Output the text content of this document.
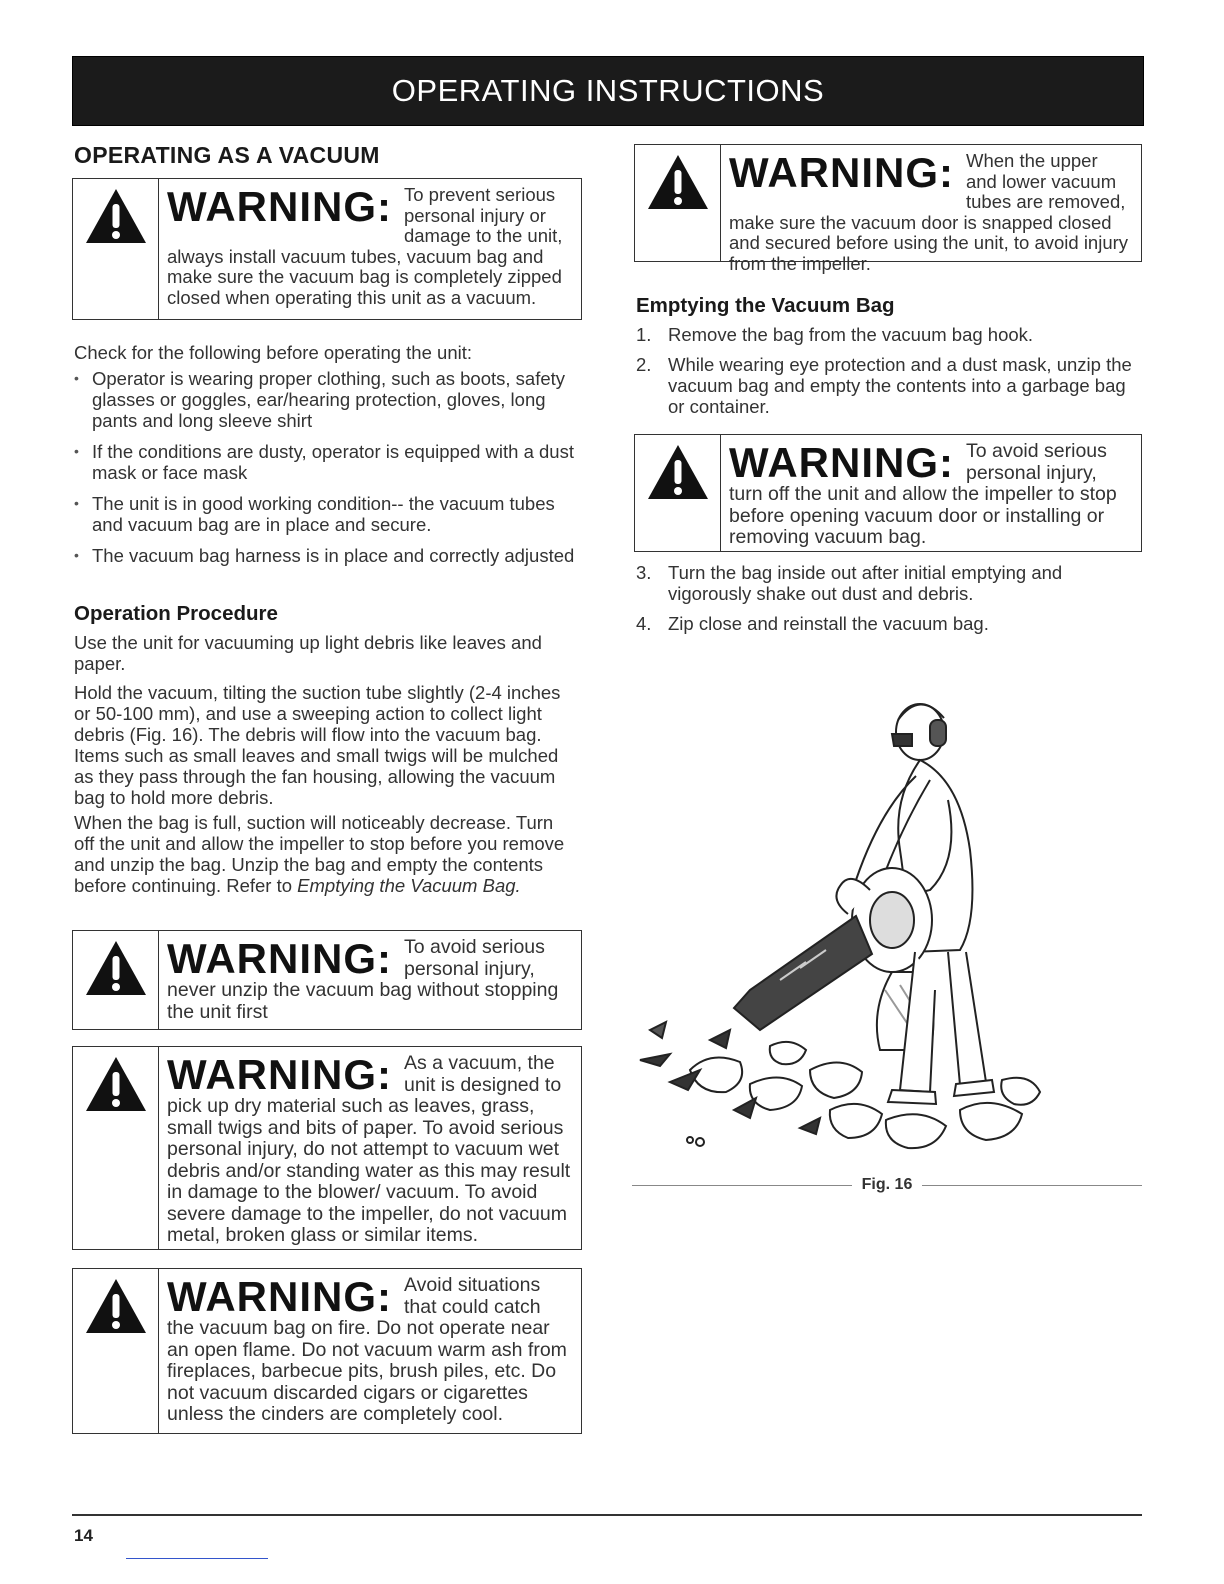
OPERATING INSTRUCTIONS
OPERATING AS A VACUUM
WARNING: To prevent serious personal injury or damage to the unit, always install vacuum tubes, vacuum bag and make sure the vacuum bag is completely zipped closed when operating this unit as a vacuum.

Check for the following before operating the unit:

• Operator is wearing proper clothing, such as boots, safety glasses or goggles, ear/hearing protection, gloves, long pants and long sleeve shirt
• If the conditions are dusty, operator is equipped with a dust mask or face mask
• The unit is in good working condition-- the vacuum tubes and vacuum bag are in place and secure.
• The vacuum bag harness is in place and correctly adjusted
Operation Procedure

Use the unit for vacuuming up light debris like leaves and paper.

Hold the vacuum, tilting the suction tube slightly (2-4 inches or 50-100 mm), and use a sweeping action to collect light debris (Fig. 16). The debris will flow into the vacuum bag. Items such as small leaves and small twigs will be mulched as they pass through the fan housing, allowing the vacuum bag to hold more debris.

When the bag is full, suction will noticeably decrease. Turn off the unit and allow the impeller to stop before you remove and unzip the bag. Unzip the bag and empty the contents before continuing. Refer to Emptying the Vacuum Bag.

WARNING: To avoid serious personal injury, never unzip the vacuum bag without stopping the unit first
WARNING: As a vacuum, the unit is designed to pick up dry material such as leaves, grass, small twigs and bits of paper. To avoid serious personal injury, do not attempt to vacuum wet debris and/or standing water as this may result in damage to the blower/ vacuum. To avoid severe damage to the impeller, do not vacuum metal, broken glass or similar items.
WARNING: Avoid situations that could catch the vacuum bag on fire. Do not operate near an open flame. Do not vacuum warm ash from fireplaces, barbecue pits, brush piles, etc. Do not vacuum discarded cigars or cigarettes unless the cinders are completely cool.
WARNING: When the upper and lower vacuum tubes are removed, make sure the vacuum door is snapped closed and secured before using the unit, to avoid injury from the impeller.
Emptying the Vacuum Bag
1. Remove the bag from the vacuum bag hook.
2. While wearing eye protection and a dust mask, unzip the vacuum bag and empty the contents into a garbage bag or container.
WARNING: To avoid serious personal injury, turn off the unit and allow the impeller to stop before opening vacuum door or installing or removing vacuum bag.
3. Turn the bag inside out after initial emptying and vigorously shake out dust and debris.
4. Zip close and reinstall the vacuum bag.
Fig. 16
14
